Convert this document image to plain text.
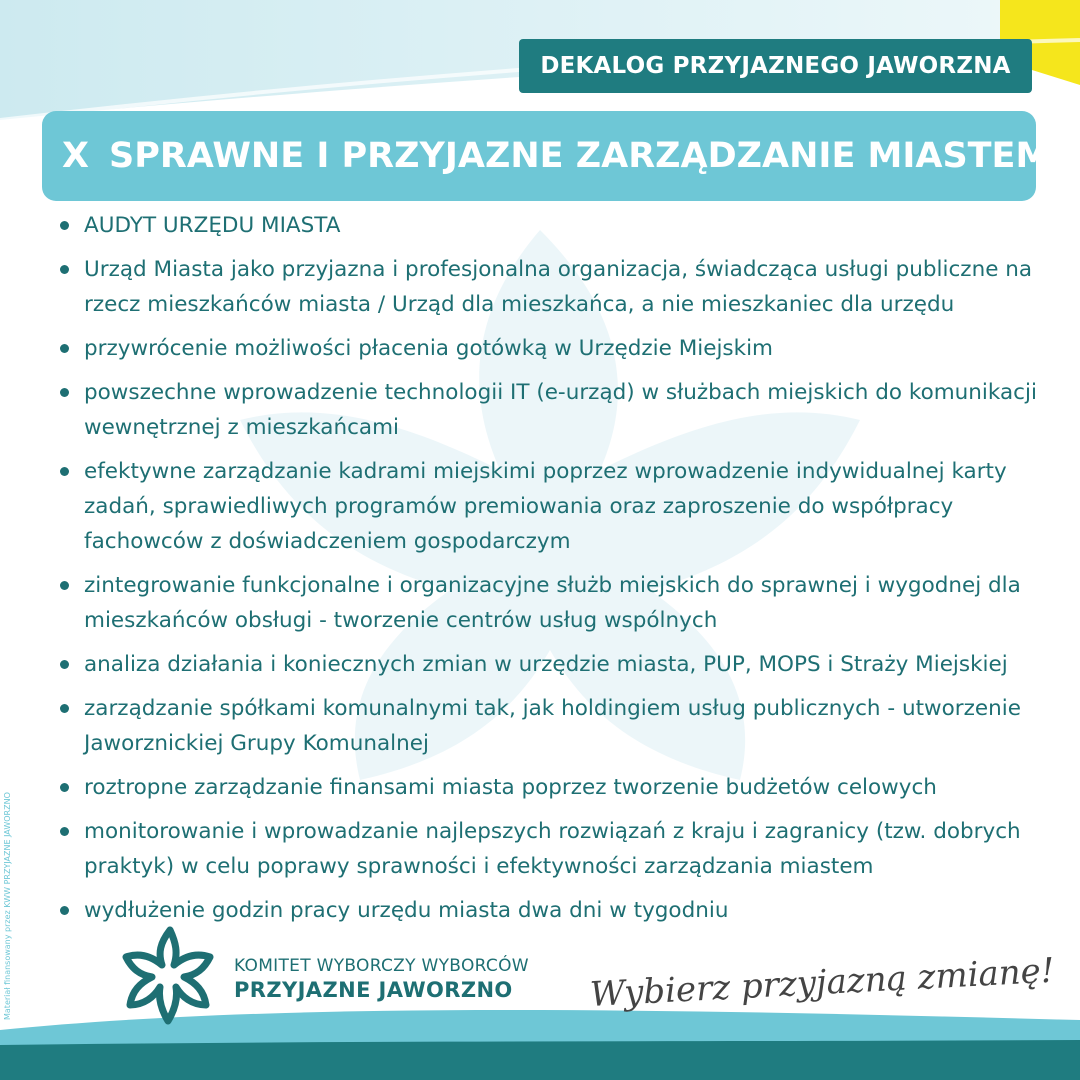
DEKALOG PRZYJAZNEGO JAWORZNA
X SPRAWNE I PRZYJAZNE ZARZĄDZANIE MIASTEM
AUDYT URZĘDU MIASTA
Urząd Miasta jako przyjazna i profesjonalna organizacja, świadcząca usługi publiczne na
rzecz mieszkańców miasta / Urząd dla mieszkańca, a nie mieszkaniec dla urzędu
przywrócenie możliwości płacenia gotówką w Urzędzie Miejskim
powszechne wprowadzenie technologii IT (e-urząd) w służbach miejskich do komunikacji
wewnętrznej z mieszkańcami
efektywne zarządzanie kadrami miejskimi poprzez wprowadzenie indywidualnej karty
zadań, sprawiedliwych programów premiowania oraz zaproszenie do współpracy
fachowców z doświadczeniem gospodarczym
zintegrowanie funkcjonalne i organizacyjne służb miejskich do sprawnej i wygodnej dla
mieszkańców obsługi - tworzenie centrów usług wspólnych
analiza działania i koniecznych zmian w urzędzie miasta, PUP, MOPS i Straży Miejskiej
zarządzanie spółkami komunalnymi tak, jak holdingiem usług publicznych - utworzenie
Jaworznickiej Grupy Komunalnej
roztropne zarządzanie finansami miasta poprzez tworzenie budżetów celowych
monitorowanie i wprowadzanie najlepszych rozwiązań z kraju i zagranicy (tzw. dobrych
praktyk) w celu poprawy sprawności i efektywności zarządzania miastem
wydłużenie godzin pracy urzędu miasta dwa dni w tygodniu
KOMITET WYBORCZY WYBORCÓW
PRZYJAZNE JAWORZNO	Wybierz przyjazną zmianę!
Materiał finansowany przez KWW PRZYJAZNE JAWORZNO
